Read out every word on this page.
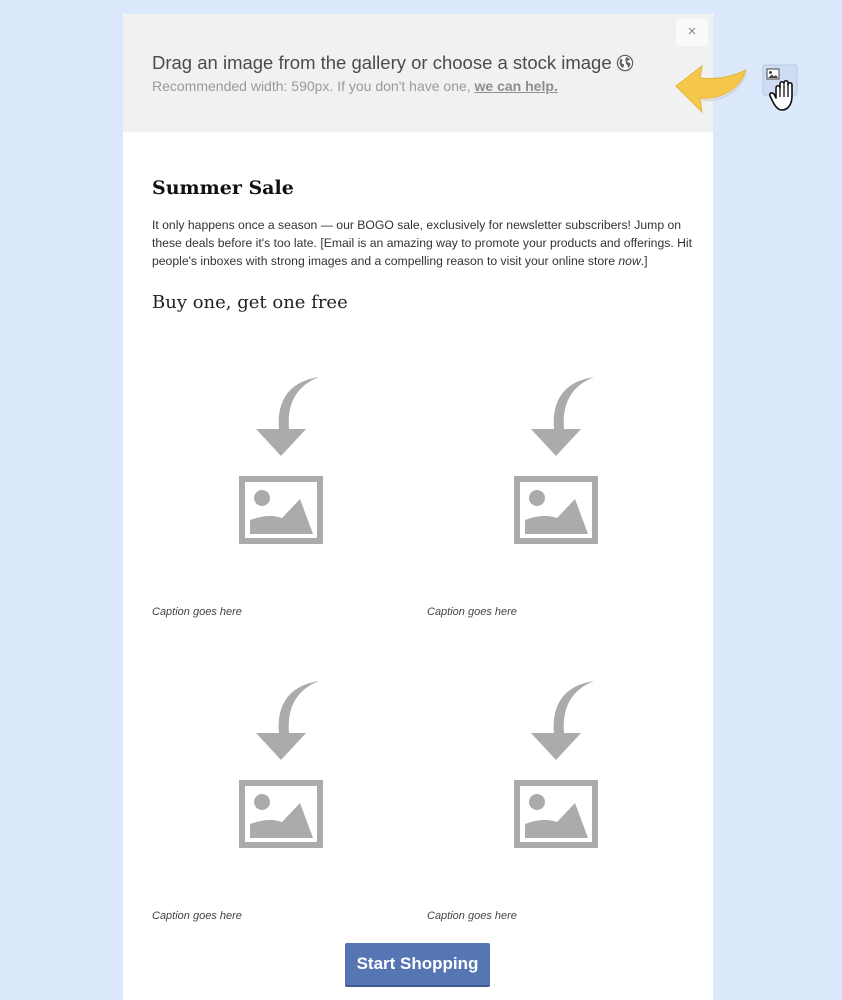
×
Drag an image from the gallery or choose a stock image
Recommended width: 590px. If you don't have one, we can help.
Summer Sale
It only happens once a season — our BOGO sale, exclusively for newsletter subscribers! Jump on these deals before it's too late. [Email is an amazing way to promote your products and offerings. Hit people's inboxes with strong images and a compelling reason to visit your online store now.]
Buy one, get one free
Caption goes here	Caption goes here
Caption goes here	Caption goes here
Start Shopping
